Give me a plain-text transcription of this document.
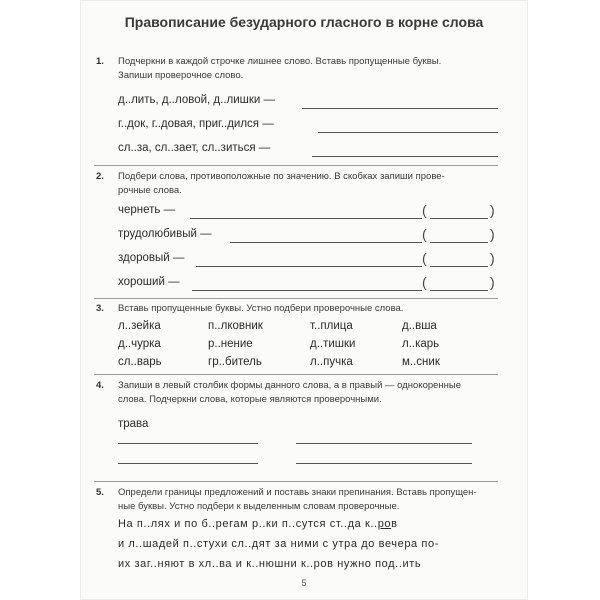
Правописание безударного гласного в корне слова
1. Подчеркни в каждой строчке лишнее слово. Вставь пропущенные буквы.
Запиши проверочное слово.
д..лить, д..ловой, д..лишки —
г..док, г..довая, приг..дился —
сл..за, сл..зает, сл..зиться —
2. Подбери слова, противоположные по значению. В скобках запиши прове-
рочные слова.
чернеть —	(	)
трудолюбивый —	(	)
здоровый —	(	)
хороший —	(	)
3. Вставь пропущенные буквы. Устно подбери проверочные слова.
л..зейка	п..лковник	т..плица	д..вша
д..чурка	р..нение	д..тишки	л..карь
сл..варь	гр..битель	л..пучка	м..сник
4. Запиши в левый столбик формы данного слова, а в правый — однокоренные
слова. Подчеркни слова, которые являются проверочными.
трава
5. Определи границы предложений и поставь знаки препинания. Вставь пропущен-
ные буквы. Устно подбери к выделенным словам проверочные.
На п..лях и по б..регам р..ки п..сутся ст..да к..ров
и л..шадей п..стухи сл..дят за ними с утра до вечера по-
их заг..няют в хл..ва и к..нюшни к..ров нужно под..ить
5
